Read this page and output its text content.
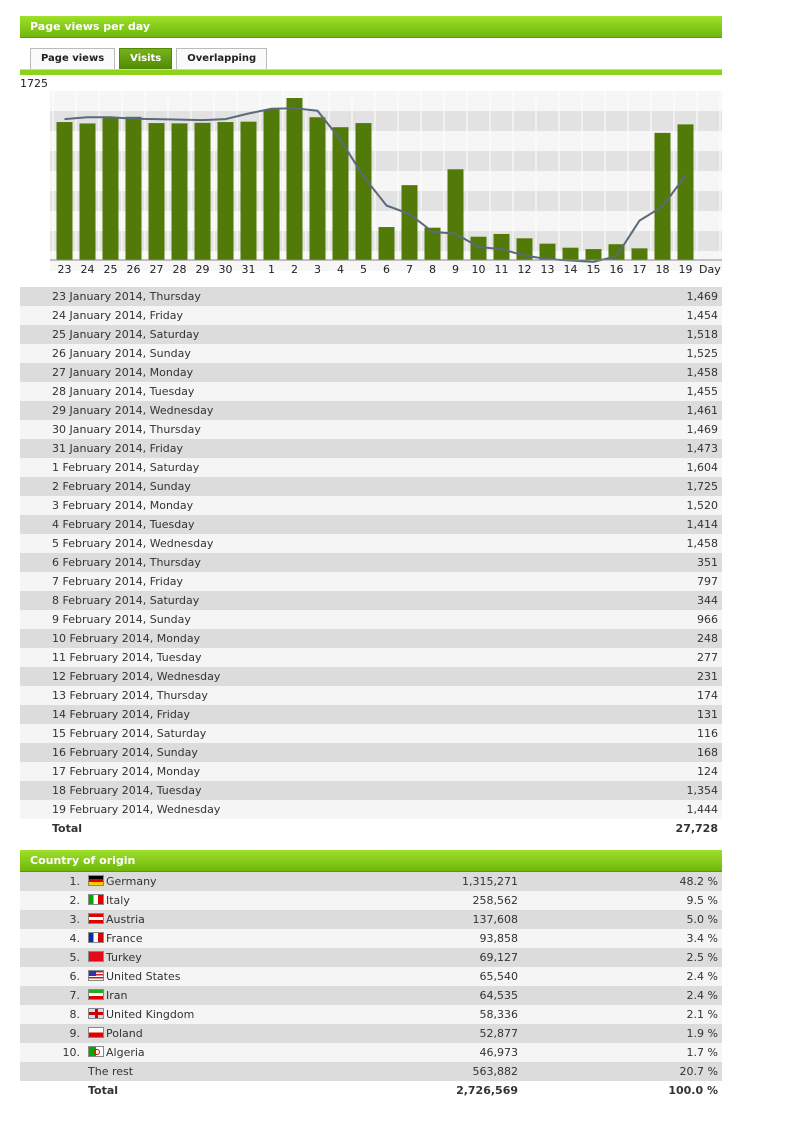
Page views per day
Page views	Visits	Overlapping
1725
23 24 25 26 27 28 29 30 31 1 2 3 4 5 6 7 8 9 10 11 12 13 14 15 16 17 18 19 Day
23 January 2014, Thursday	1,469
24 January 2014, Friday	1,454
25 January 2014, Saturday	1,518
26 January 2014, Sunday	1,525
27 January 2014, Monday	1,458
28 January 2014, Tuesday	1,455
29 January 2014, Wednesday	1,461
30 January 2014, Thursday	1,469
31 January 2014, Friday	1,473
1 February 2014, Saturday	1,604
2 February 2014, Sunday	1,725
3 February 2014, Monday	1,520
4 February 2014, Tuesday	1,414
5 February 2014, Wednesday	1,458
6 February 2014, Thursday	351
7 February 2014, Friday	797
8 February 2014, Saturday	344
9 February 2014, Sunday	966
10 February 2014, Monday	248
11 February 2014, Tuesday	277
12 February 2014, Wednesday	231
13 February 2014, Thursday	174
14 February 2014, Friday	131
15 February 2014, Saturday	116
16 February 2014, Sunday	168
17 February 2014, Monday	124
18 February 2014, Tuesday	1,354
19 February 2014, Wednesday	1,444
Total	27,728
Country of origin
1.	Germany	1,315,271	48.2 %
2.	Italy	258,562	9.5 %
3.	Austria	137,608	5.0 %
4.	France	93,858	3.4 %
5.	Turkey	69,127	2.5 %
6.	United States	65,540	2.4 %
7.	Iran	64,535	2.4 %
8.	United Kingdom	58,336	2.1 %
9.	Poland	52,877	1.9 %
10.	Algeria	46,973	1.7 %
	The rest	563,882	20.7 %
	Total	2,726,569	100.0 %
